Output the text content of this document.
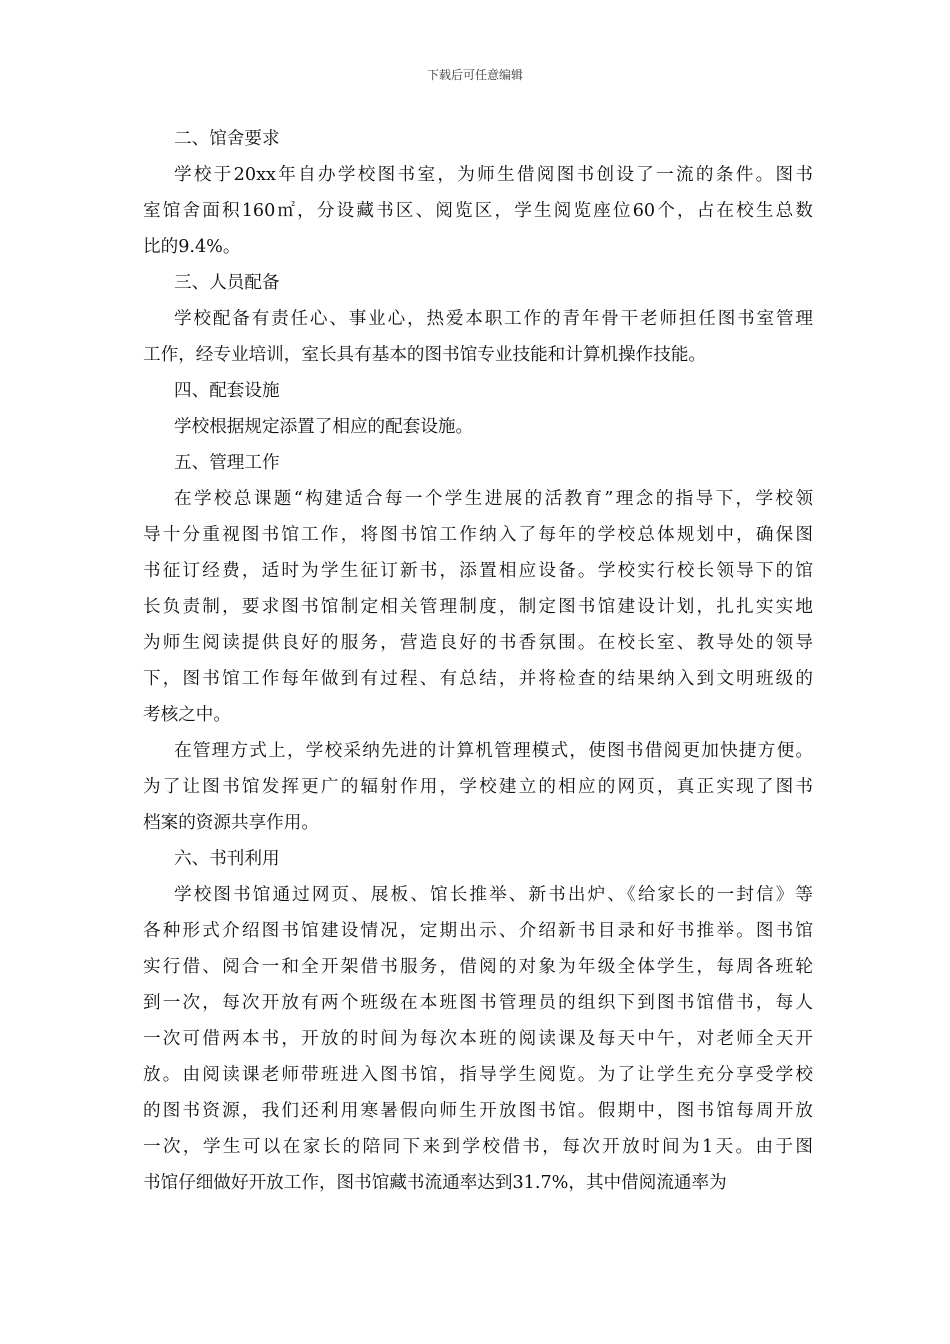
下载后可任意编辑
二、馆舍要求
学校于20xx年自办学校图书室，为师生借阅图书创设了一流的条件。图书
室馆舍面积160㎡，分设藏书区、阅览区，学生阅览座位60个，占在校生总数
比的9.4%。
三、人员配备
学校配备有责任心、事业心，热爱本职工作的青年骨干老师担任图书室管理
工作，经专业培训，室长具有基本的图书馆专业技能和计算机操作技能。
四、配套设施
学校根据规定添置了相应的配套设施。
五、管理工作
在学校总课题“构建适合每一个学生进展的活教育”理念的指导下，学校领
导十分重视图书馆工作，将图书馆工作纳入了每年的学校总体规划中，确保图
书征订经费，适时为学生征订新书，添置相应设备。学校实行校长领导下的馆
长负责制，要求图书馆制定相关管理制度，制定图书馆建设计划，扎扎实实地
为师生阅读提供良好的服务，营造良好的书香氛围。在校长室、教导处的领导
下，图书馆工作每年做到有过程、有总结，并将检查的结果纳入到文明班级的
考核之中。
在管理方式上，学校采纳先进的计算机管理模式，使图书借阅更加快捷方便。
为了让图书馆发挥更广的辐射作用，学校建立的相应的网页，真正实现了图书
档案的资源共享作用。
六、书刊利用
学校图书馆通过网页、展板、馆长推举、新书出炉、《给家长的一封信》等
各种形式介绍图书馆建设情况，定期出示、介绍新书目录和好书推举。图书馆
实行借、阅合一和全开架借书服务，借阅的对象为年级全体学生，每周各班轮
到一次，每次开放有两个班级在本班图书管理员的组织下到图书馆借书，每人
一次可借两本书，开放的时间为每次本班的阅读课及每天中午，对老师全天开
放。由阅读课老师带班进入图书馆，指导学生阅览。为了让学生充分享受学校
的图书资源，我们还利用寒暑假向师生开放图书馆。假期中，图书馆每周开放
一次，学生可以在家长的陪同下来到学校借书，每次开放时间为1天。由于图
书馆仔细做好开放工作，图书馆藏书流通率达到31.7%，其中借阅流通率为
